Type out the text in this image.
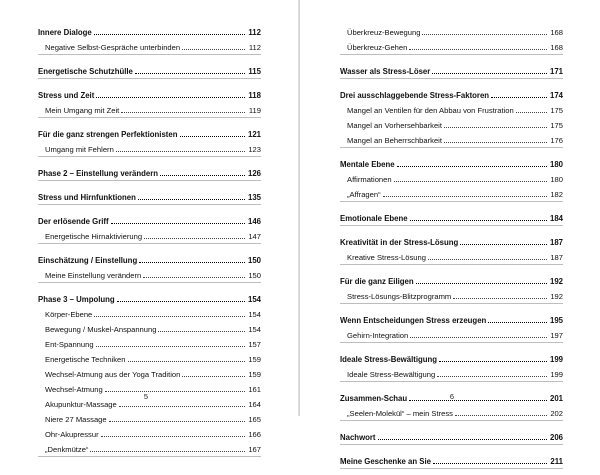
Innere Dialoge	112
Negative Selbst-Gespräche unterbinden	112
Energetische Schutzhülle	115
Stress und Zeit	118
Mein Umgang mit Zeit	119
Für die ganz strengen Perfektionisten	121
Umgang mit Fehlern	123
Phase 2 – Einstellung verändern	126
Stress und Hirnfunktionen	135
Der erlösende Griff	146
Energetische Hirnaktivierung	147
Einschätzung / Einstellung	150
Meine Einstellung verändern	150
Phase 3 – Umpolung	154
Körper-Ebene	154
Bewegung / Muskel-Anspannung	154
Ent-Spannung	157
Energetische Techniken	159
Wechsel-Atmung aus der Yoga Tradition	159
Wechsel-Atmung	161
Akupunktur-Massage	164
Niere 27 Massage	165
Ohr-Akupressur	166
„Denkmütze“	167
5
Überkreuz-Bewegung	168
Überkreuz-Gehen	168
Wasser als Stress-Löser	171
Drei ausschlaggebende Stress-Faktoren	174
Mangel an Ventilen für den Abbau von Frustration	175
Mangel an Vorhersehbarkeit	175
Mangel an Beherrschbarkeit	176
Mentale Ebene	180
Affirmationen	180
„Affragen“	182
Emotionale Ebene	184
Kreativität in der Stress-Lösung	187
Kreative Stress-Lösung	187
Für die ganz Eiligen	192
Stress-Lösungs-Blitzprogramm	192
Wenn Entscheidungen Stress erzeugen	195
Gehirn-Integration	197
Ideale Stress-Bewältigung	199
Ideale Stress-Bewältigung	199
Zusammen-Schau	201
„Seelen-Molekül“ – mein Stress	202
Nachwort	206
Meine Geschenke an Sie	211
6
